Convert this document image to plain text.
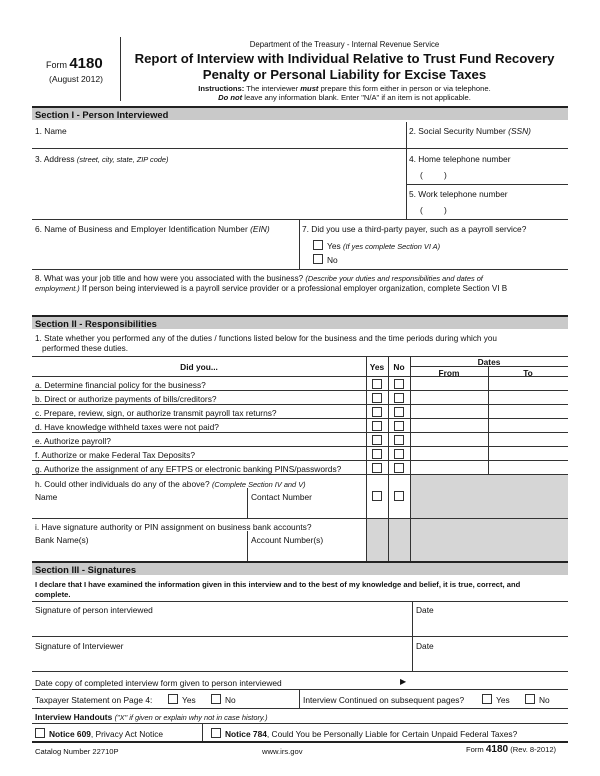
Form 4180
(August 2012)
Department of the Treasury - Internal Revenue Service
Report of Interview with Individual Relative to Trust Fund Recovery
Penalty or Personal Liability for Excise Taxes
Instructions: The interviewer must prepare this form either in person or via telephone.
Do not leave any information blank. Enter "N/A" if an item is not applicable.
Section I - Person Interviewed
1. Name	2. Social Security Number (SSN)
3. Address (street, city, state, ZIP code)	4. Home telephone number
(	)
5. Work telephone number
(	)
6. Name of Business and Employer Identification Number (EIN)	7. Did you use a third-party payer, such as a payroll service?
Yes (If yes complete Section VI A)
No
8. What was your job title and how were you associated with the business? (Describe your duties and responsibilities and dates of
employment.) If person being interviewed is a payroll service provider or a professional employer organization, complete Section VI B
Section II - Responsibilities
1. State whether you performed any of the duties / functions listed below for the business and the time periods during which you
performed these duties.
Did you...	Yes	No	Dates
From	To
a. Determine financial policy for the business?
b. Direct or authorize payments of bills/creditors?
c. Prepare, review, sign, or authorize transmit payroll tax returns?
d. Have knowledge withheld taxes were not paid?
e. Authorize payroll?
f. Authorize or make Federal Tax Deposits?
g. Authorize the assignment of any EFTPS or electronic banking PINS/passwords?
h. Could other individuals do any of the above? (Complete Section IV and V)
Name	Contact Number
i. Have signature authority or PIN assignment on business bank accounts?
Bank Name(s)	Account Number(s)
Section III - Signatures
I declare that I have examined the information given in this interview and to the best of my knowledge and belief, it is true, correct, and
complete.
Signature of person interviewed	Date
Signature of Interviewer	Date
Date copy of completed interview form given to person interviewed	▶
Taxpayer Statement on Page 4:	Yes	No	Interview Continued on subsequent pages?	Yes	No
Interview Handouts ("X" if given or explain why not in case history.)
Notice 609, Privacy Act Notice	Notice 784, Could You be Personally Liable for Certain Unpaid Federal Taxes?
Catalog Number 22710P	www.irs.gov	Form 4180 (Rev. 8-2012)
